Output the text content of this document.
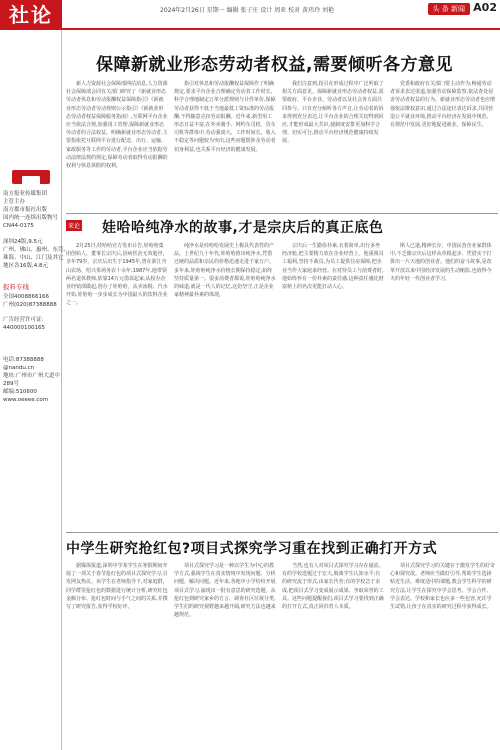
社论	2024年2月26日 星期一 编辑 张子庄 设计 周亚 校对 黄玮玲 刘艳	头 条 新闻 A02

南方报业传媒集团

主管主办

南方都市报社出版

国内统一连续出版物号

CN44-0175

深圳24版,9.5元

广州、佛山、惠州、东莞、

珠海、中山、江门及其它

地区各16版,4.8元

报料专线

全国4008866166

广州(020)87388888

广告经营许可证:

440000100165

电话:87388888

@nandu.cn

地址:广州市广州大道中

289号

邮编:510600

www.oeeee.com

保障新就业形态劳动者权益,需要倾听各方意见

新人力资源社会保障部网站消息,人力资源社会保障部会同有关部门研究了《新就业形态劳动者休息和劳动报酬权益保障指引》《新就业形态劳动者劳动规则公示指引》《新就业形态劳动者权益保障服务指南》,互联网平台企业应当依法合规,加强用工管理,保障新就业形态劳动者的合法权益。明确新就业形态劳动者,主要指依托互联网平台进行配送、出行、运输、家政服务等工作的劳动者,平台企业应当依据劳动法律法规的规定,保障劳动者取得劳动报酬的权利与休息休假的权利。

指引对休息和劳动报酬权益保障作了明确规定,要求平台企业合理确定劳动者工作时长,科学合理地制定订单分派规则与计件单价,保障劳动者获得不低于当地最低工资标准的劳动报酬,不得随意克扣劳动报酬。近年来,新型用工形态日益丰富,在外卖骑手、网约车司机、货车司机等群体中,劳动强度大、工作时间长、收入不稳定等问题较为突出,这些问题既涉及劳动者切身利益,也关系平台经济的健康发展。

我们注意到,指引在形成过程中广泛听取了相关方面意见。保障新就业形态劳动者权益,需要政府、平台企业、劳动者以及社会各方面共同参与。只有充分倾听各方声音,让劳动者的诉求得到充分表达,让平台企业的合理关切得到回应,才能形成最大共识,使制度安排更加科学合理、切实可行,推动平台经济规范健康持续发展。

党委和政府有关部门要主动作为,畅通劳动者诉求表达渠道,加强劳动保障监察,依法查处侵害劳动者权益的行为。新就业形态劳动者也应增强依法维权意识,通过合法途径表达诉求,共同营造公平就业环境,推动平台经济在发展中规范、在规范中发展,更好地促进就业、保障民生。

来论 娃哈哈纯净水的故事,才是宗庆后的真正底色

2月25日,娃哈哈官方发布讣告,娃哈哈集团创始人、董事长宗庆后,因病医治无效逝世,享年79岁。宗庆后出生于1945年,曾在浙江舟山农场、绍兴茶场务农十余年,1987年,他带领两名退休教师,依靠14万元借款起家,从校办企业经销部做起,创办了娃哈哈。从卖冰棍、汽水开始,娃哈哈一步步成长为中国最大的饮料企业之一。

纯净水是娃哈哈发展史上极具代表性的产品。上世纪九十年代,娃哈哈推出纯净水,凭借过硬的品质和亲民的价格迅速走进千家万户。多年来,娃哈哈纯净水价格长期保持稳定,始终坚持质量第一。很多消费者都说,娃哈哈纯净水的味道,就是一代人的记忆,这份坚守,正是企业家精神最朴素的体现。

宗庆后一生勤俭朴素,衣着简单,出行多坐经济舱,把主要精力放在企业经营上。他重视员工福利,坚持不裁员,为员工提供住房保障,把企业当作大家庭来经营。在对待员工与消费者时,他始终怀有一份朴素的责任感,这种责任感比财富榜上的名次更能打动人心。

斯人已逝,精神长存。中国民营企业家群体中,不乏像宗庆后这样从草根起步、凭借实干打拼出一片天地的创业者。他们的奋斗故事,是改革开放以来中国经济发展的生动缩影,也值得今天的年轻一代创业者学习。

中学生研究抢红包?项目式探究学习重在找到正确打开方式

据媒体报道,深圳中学某学生在寒假期间开展了一项关于春节抢红包的项目式探究学习,引发网友热议。该学生在老师指导下,对家庭群、同学群里抢红包的数据进行统计分析,研究红包金额分布、抢红包时间与手气之间的关系,并撰写了研究报告,获得学校好评。

项目式探究学习是一种以学生为中心的教学方式,强调学生在真实情境中发现问题、分析问题、解决问题。近年来,各地中小学纷纷开展项目式学习,涌现出一批有意思的研究选题。从抢红包到研究家乡的方言、调查社区垃圾分类,学生们的研究视野越来越开阔,研究方法也越来越规范。

当然,也有人对项目式探究学习存在疑虑。有的学校选题过于宏大,脱离学生认知水平;有的研究流于形式,由家长代劳;有的学校急于求成,把项目式学习变成展示成果、争取荣誉的工具。这些问题提醒我们,项目式学习要找到正确的打开方式,真正回归育人本质。

项目式探究学习的关键在于激发学生的好奇心和探究欲。老师应当做好引导,帮助学生选择贴近生活、难度适中的课题,教会学生科学的研究方法,让学生在探究中学会思考、学会合作、学会表达。学校和家长也应多一些包容,允许学生试错,让孩子在真实的研究过程中获得成长。
